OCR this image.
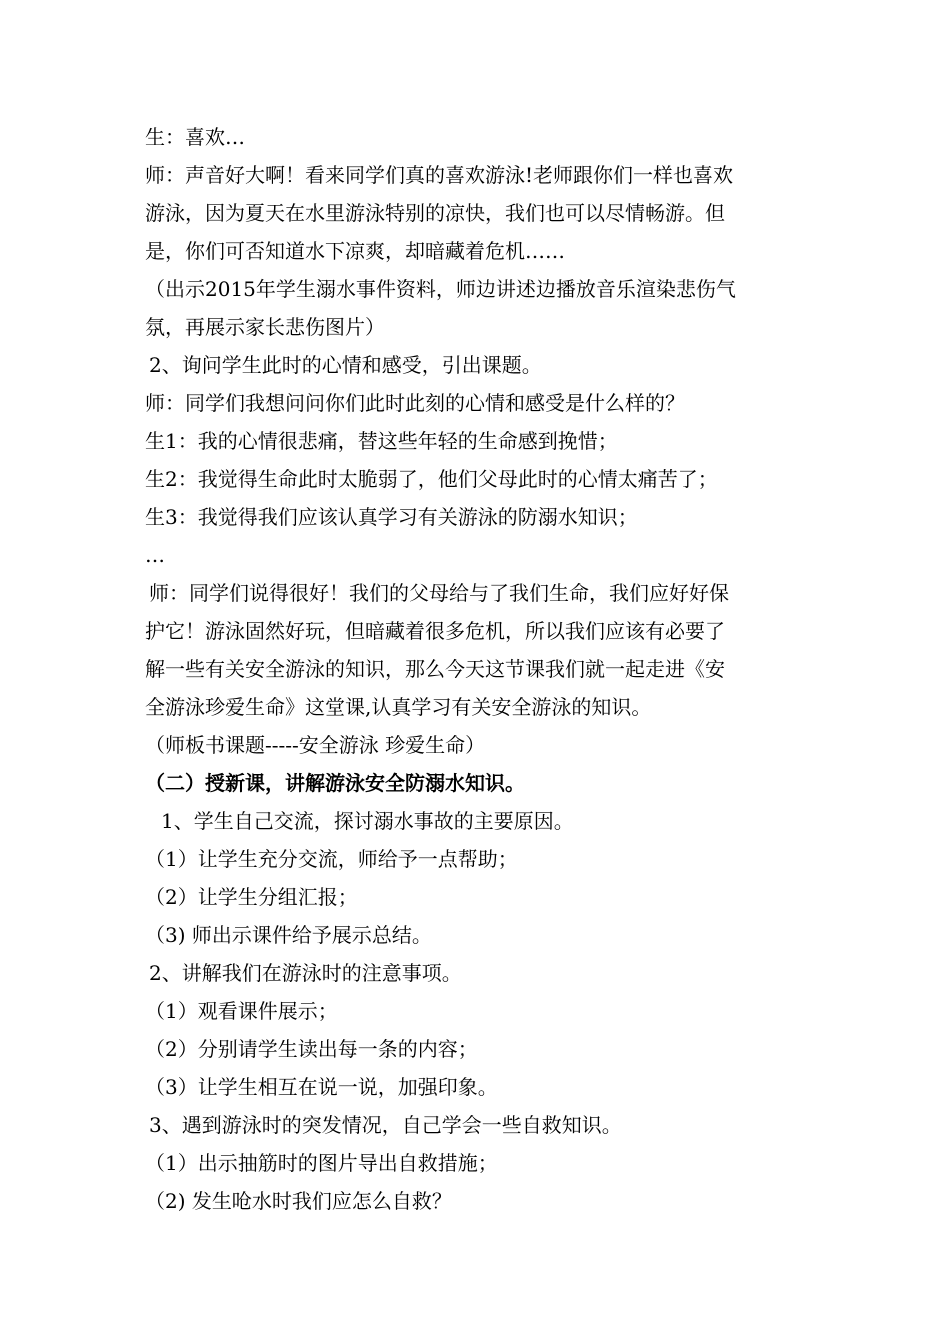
生：喜欢…
师：声音好大啊！看来同学们真的喜欢游泳!老师跟你们一样也喜欢
游泳，因为夏天在水里游泳特别的凉快，我们也可以尽情畅游。但
是，你们可否知道水下凉爽，却暗藏着危机……
（出示2015年学生溺水事件资料，师边讲述边播放音乐渲染悲伤气
氛，再展示家长悲伤图片）
2、询问学生此时的心情和感受，引出课题。
师：同学们我想问问你们此时此刻的心情和感受是什么样的？
生1：我的心情很悲痛，替这些年轻的生命感到挽惜；
生2：我觉得生命此时太脆弱了，他们父母此时的心情太痛苦了；
生3：我觉得我们应该认真学习有关游泳的防溺水知识；
…
师：同学们说得很好！我们的父母给与了我们生命，我们应好好保
护它！游泳固然好玩，但暗藏着很多危机，所以我们应该有必要了
解一些有关安全游泳的知识，那么今天这节课我们就一起走进《安
全游泳珍爱生命》这堂课,认真学习有关安全游泳的知识。
（师板书课题-----安全游泳 珍爱生命）
（二）授新课，讲解游泳安全防溺水知识。
1、学生自己交流，探讨溺水事故的主要原因。
（1）让学生充分交流，师给予一点帮助；
（2）让学生分组汇报；
（3) 师出示课件给予展示总结。
2、讲解我们在游泳时的注意事项。
（1）观看课件展示；
（2）分别请学生读出每一条的内容；
（3）让学生相互在说一说，加强印象。
3、遇到游泳时的突发情况，自己学会一些自救知识。
（1）出示抽筋时的图片导出自救措施；
（2) 发生呛水时我们应怎么自救？
